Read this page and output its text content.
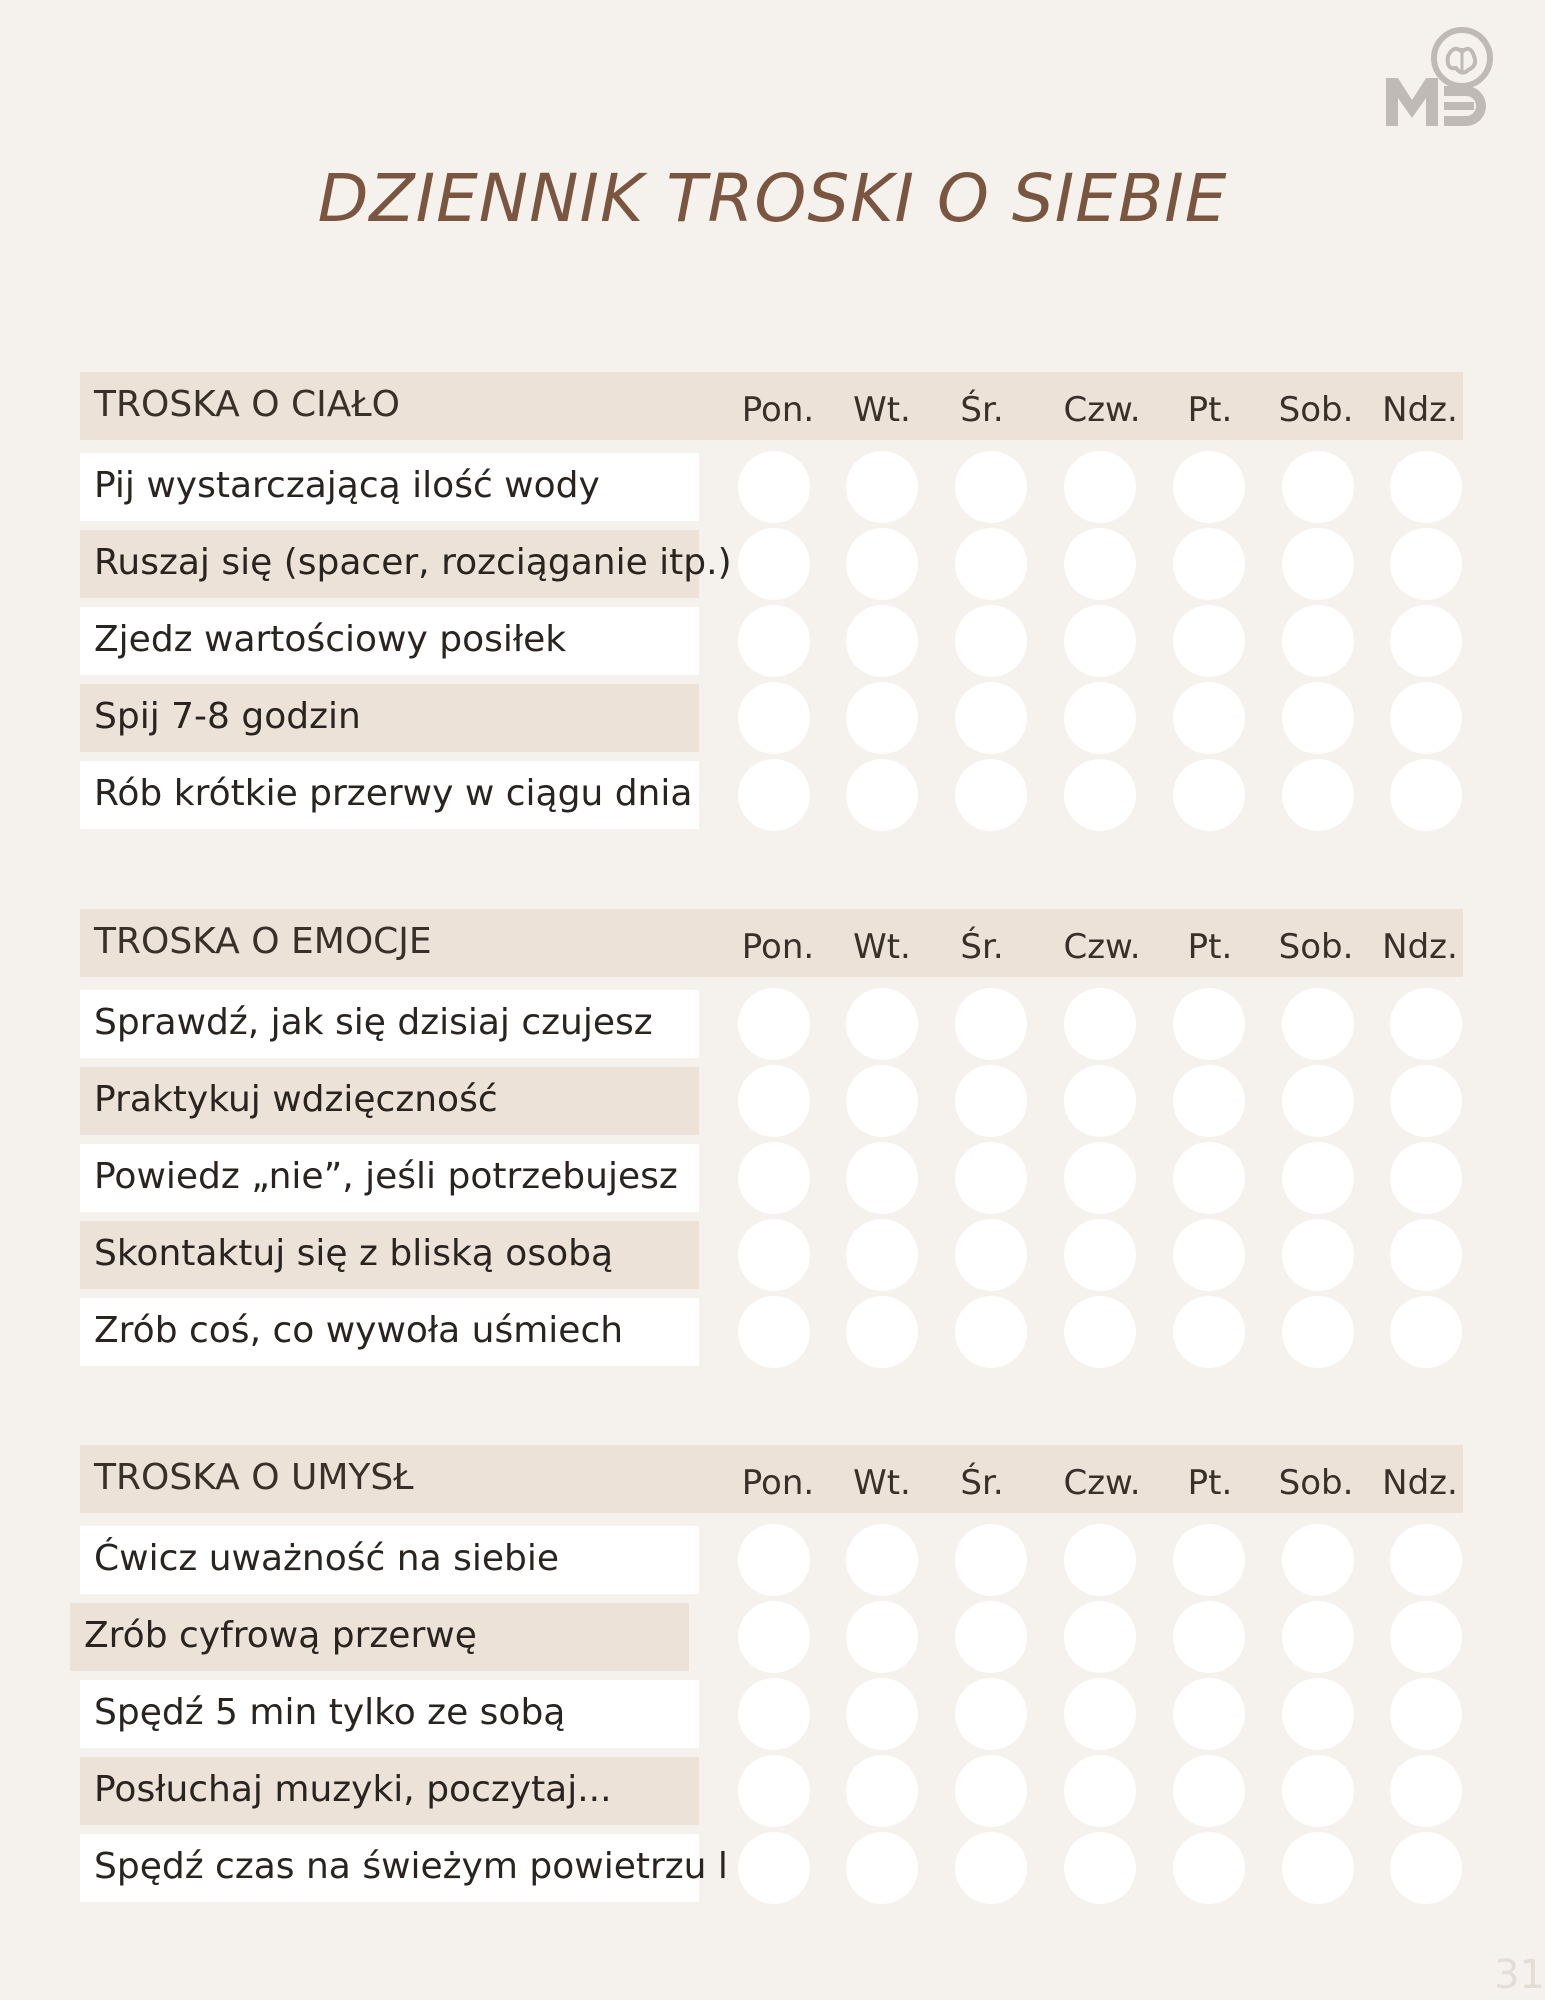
DZIENNIK TROSKI O SIEBIE
TROSKA O CIAŁO	Pon.	Wt.	Śr.	Czw.	Pt.	Sob. Ndz.
Pij wystarczającą ilość wody
Ruszaj się (spacer, rozciąganie itp.)
Zjedz wartościowy posiłek
Spij 7-8 godzin
Rób krótkie przerwy w ciągu dnia
TROSKA O EMOCJE	Pon.	Wt.	Śr.	Czw.	Pt.	Sob. Ndz.
Sprawdź, jak się dzisiaj czujesz
Praktykuj wdzięczność
Powiedz „nie”, jeśli potrzebujesz
Skontaktuj się z bliską osobą
Zrób coś, co wywoła uśmiech
TROSKA O UMYSŁ	Pon.	Wt.	Śr.	Czw.	Pt.	Sob. Ndz.
Ćwicz uważność na siebie
Zrób cyfrową przerwę
Spędź 5 min tylko ze sobą
Posłuchaj muzyki, poczytaj...
Spędź czas na świeżym powietrzu l
31
